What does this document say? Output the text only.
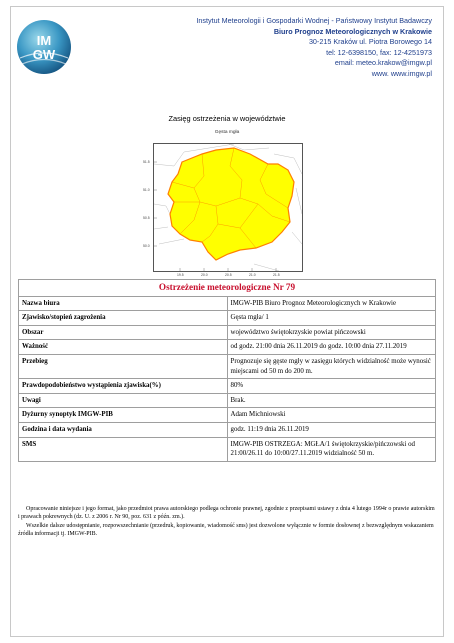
IM
GW
Instytut Meteorologii i Gospodarki Wodnej - Państwowy Instytut Badawczy
Biuro Prognoz Meteorologicznych w Krakowie
30-215 Kraków ul. Piotra Borowego 14
tel: 12-6398150, fax: 12-4251973
email: meteo.krakow@imgw.pl
www. www.imgw.pl
Zasięg ostrzeżenia w województwie
Gęsta mgła
51.5
51.0
50.5
50.0
19.5	20.0	20.5	21.0	21.5
Ostrzeżenie meteorologiczne Nr 79	
Nazwa biura	IMGW-PIB Biuro Prognoz Meteorologicznych w Krakowie
Zjawisko/stopień zagrożenia	Gęsta mgła/ 1
Obszar	województwo świętokrzyskie powiat pińczowski
Ważność	od godz. 21:00 dnia 26.11.2019 do godz. 10:00 dnia 27.11.2019
Przebieg	Prognozuje się gęste mgły w zasięgu których widzialność może wynosić miejscami od 50 m do 200 m.
Prawdopodobieństwo wystąpienia zjawiska(%)	80%
Uwagi	Brak.
Dyżurny synoptyk IMGW-PIB	Adam Michniowski
Godzina i data wydania	godz. 11:19 dnia 26.11.2019
SMS	IMGW-PIB OSTRZEGA: MGŁA/1 świętokrzyskie/pińczowski od 21:00/26.11 do 10:00/27.11.2019 widzialność 50 m.

Opracowanie niniejsze i jego format, jako przedmiot prawa autorskiego podlega ochronie prawnej, zgodnie z przepisami ustawy z dnia 4 lutego 1994r o prawie autorskim i prawach pokrewnych (dz. U. z 2006 r. Nr 90, poz. 631 z późn. zm.).

Wszelkie dalsze udostępnianie, rozpowszechnianie (przedruk, kopiowanie, wiadomość sms) jest dozwolone wyłącznie w formie dosłownej z bezwzględnym wskazaniem źródła informacji tj. IMGW-PIB.
